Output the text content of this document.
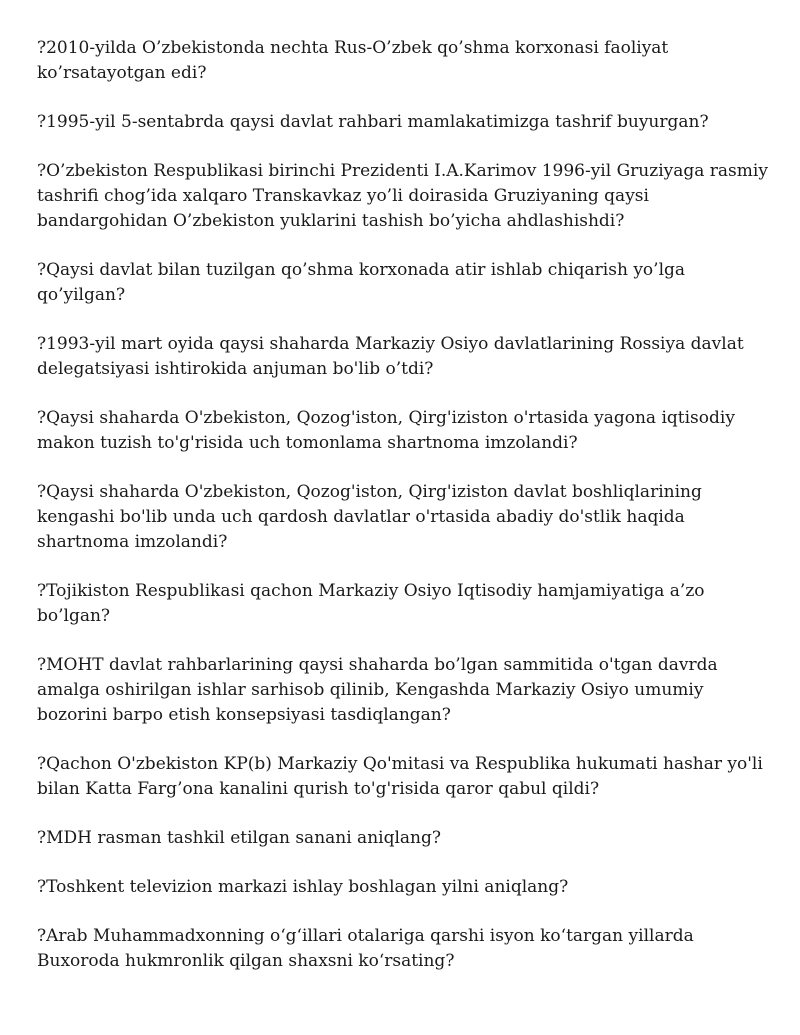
?2010-yilda O’zbekistonda nechta Rus-O’zbek qo’shma korxonasi faoliyat ko’rsatayotgan edi?
?1995-yil 5-sentabrda qaysi davlat rahbari mamlakatimizga tashrif buyurgan?
?O’zbekiston Respublikasi birinchi Prezidenti I.A.Karimov 1996-yil Gruziyaga rasmiy tashrifi chog’ida xalqaro Transkavkaz yo’li doirasida Gruziyaning qaysi bandargohidan O’zbekiston yuklarini tashish bo’yicha ahdlashishdi?
?Qaysi davlat bilan tuzilgan qo’shma korxonada atir ishlab chiqarish yo’lga qo’yilgan?
?1993-yil mart oyida qaysi shaharda Markaziy Osiyo davlatlarining Rossiya davlat delegatsiyasi ishtirokida anjuman bo'lib o’tdi?
?Qaysi shaharda O'zbekiston, Qozog'iston, Qirg'iziston o'rtasida yagona iqtisodiy makon tuzish to'g'risida uch tomonlama shartnoma imzolandi?
?Qaysi shaharda O'zbekiston, Qozog'iston, Qirg'iziston davlat boshliqlarining kengashi bo'lib unda uch qardosh davlatlar o'rtasida abadiy do'stlik haqida shartnoma imzolandi?
?Tojikiston Respublikasi qachon Markaziy Osiyo Iqtisodiy hamjamiyatiga a’zo bo’lgan?
?MOHT davlat rahbarlarining qaysi shaharda bo’lgan sammitida o'tgan davrda amalga oshirilgan ishlar sarhisob qilinib, Kengashda Markaziy Osiyo umumiy bozorini barpo etish konsepsiyasi tasdiqlangan?
?Qachon O'zbekiston KP(b) Markaziy Qo'mitasi va Respublika hukumati hashar yo'li bilan Katta Farg’ona kanalini qurish to'g'risida qaror qabul qildi?
?MDH rasman tashkil etilgan sanani aniqlang?
?Toshkent televizion markazi ishlay boshlagan yilni aniqlang?
?Arab Muhammadxonning o‘g‘illari otalariga qarshi isyon ko‘targan yillarda Buxoroda hukmronlik qilgan shaxsni ko‘rsating?
